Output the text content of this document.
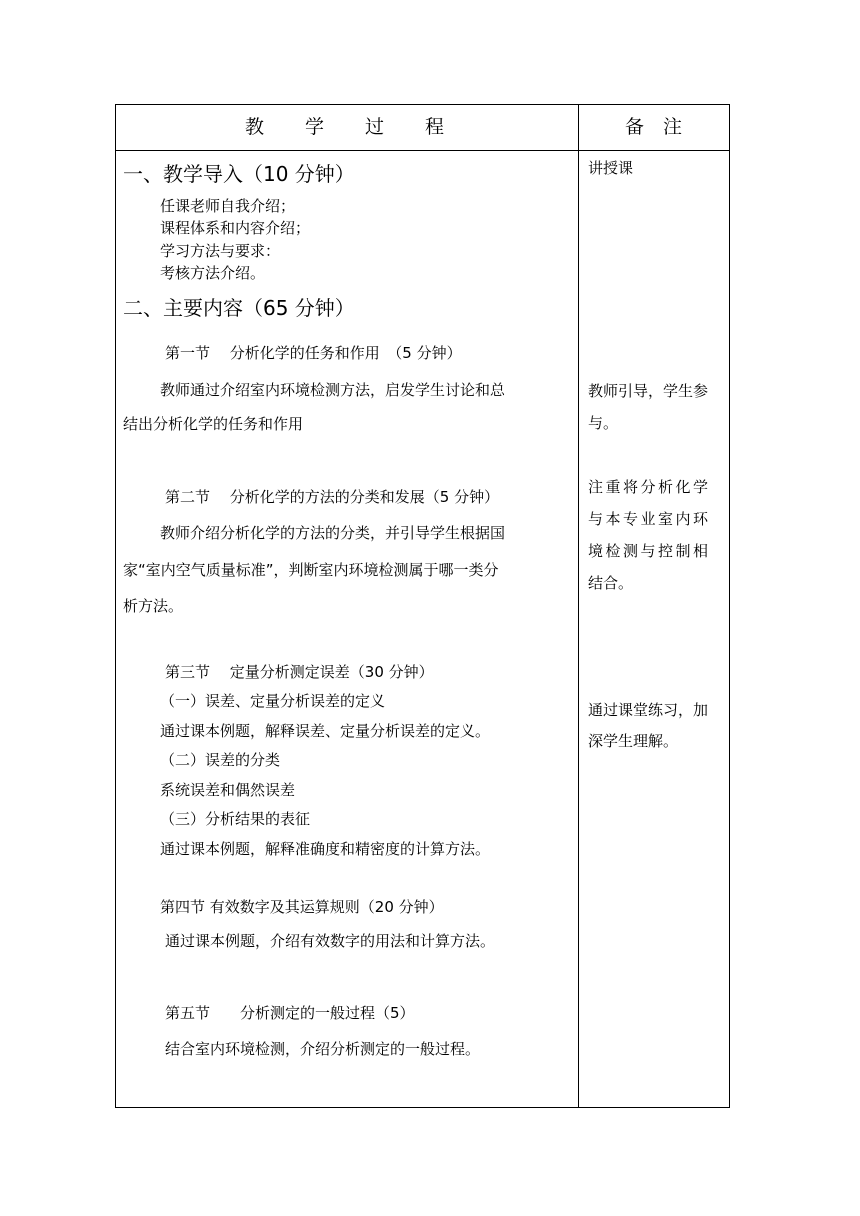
教　　学　　过　　程	备　注
一、教学导入（10 分钟）
任课老师自我介绍；
课程体系和内容介绍；
学习方法与要求：
考核方法介绍。
二、主要内容（65 分钟）
第一节　 分析化学的任务和作用　（5 分钟）
教师通过介绍室内环境检测方法，启发学生讨论和总
结出分析化学的任务和作用
第二节　 分析化学的方法的分类和发展（5 分钟）
教师介绍分析化学的方法的分类，并引导学生根据国
家“室内空气质量标准”，判断室内环境检测属于哪一类分
析方法。
第三节　 定量分析测定误差（30 分钟）
（一）误差、定量分析误差的定义
通过课本例题，解释误差、定量分析误差的定义。
（二）误差的分类
系统误差和偶然误差
（三）分析结果的表征
通过课本例题，解释准确度和精密度的计算方法。
第四节 有效数字及其运算规则（20 分钟）
通过课本例题，介绍有效数字的用法和计算方法。
第五节　　分析测定的一般过程（5）
结合室内环境检测，介绍分析测定的一般过程。
讲授课
教师引导，学生参
与。
注重将分析化学
与本专业室内环
境检测与控制相
结合。
通过课堂练习，加
深学生理解。
